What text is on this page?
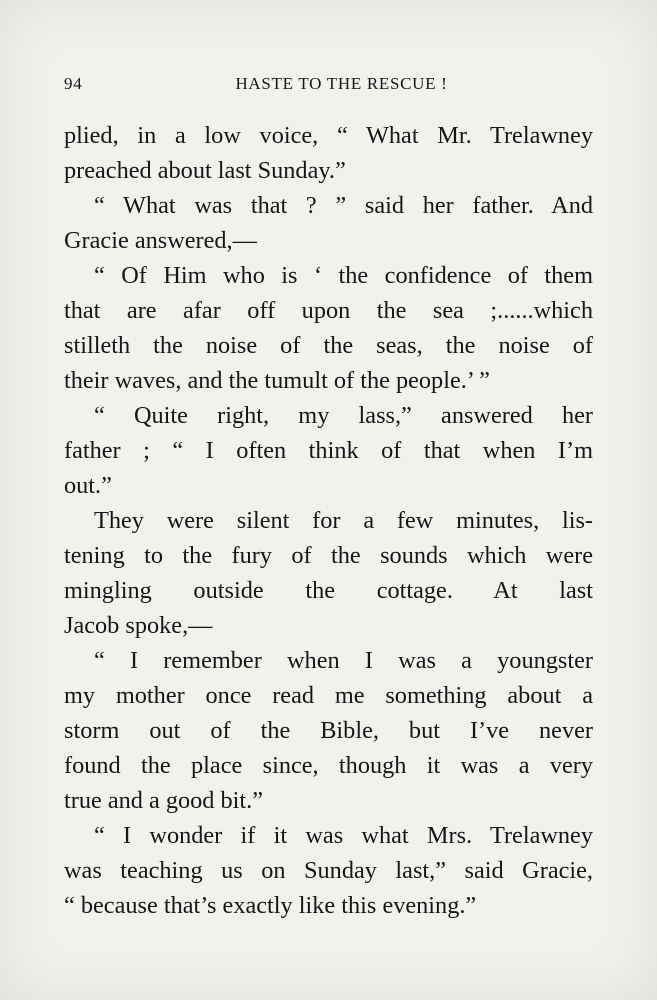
94	HASTE TO THE RESCUE !
plied, in a low voice, “ What Mr. Trelawney
preached about last Sunday.”
“ What was that ? ” said her father. And
Gracie answered,—
“ Of Him who is ‘ the confidence of them
that are afar off upon the sea ;......which
stilleth the noise of the seas, the noise of
their waves, and the tumult of the people.’ ”
“ Quite right, my lass,” answered her
father ; “ I often think of that when I’m
out.”
They were silent for a few minutes, lis-
tening to the fury of the sounds which were
mingling outside the cottage. At last
Jacob spoke,—
“ I remember when I was a youngster
my mother once read me something about a
storm out of the Bible, but I’ve never
found the place since, though it was a very
true and a good bit.”
“ I wonder if it was what Mrs. Trelawney
was teaching us on Sunday last,” said Gracie,
“ because that’s exactly like this evening.”
